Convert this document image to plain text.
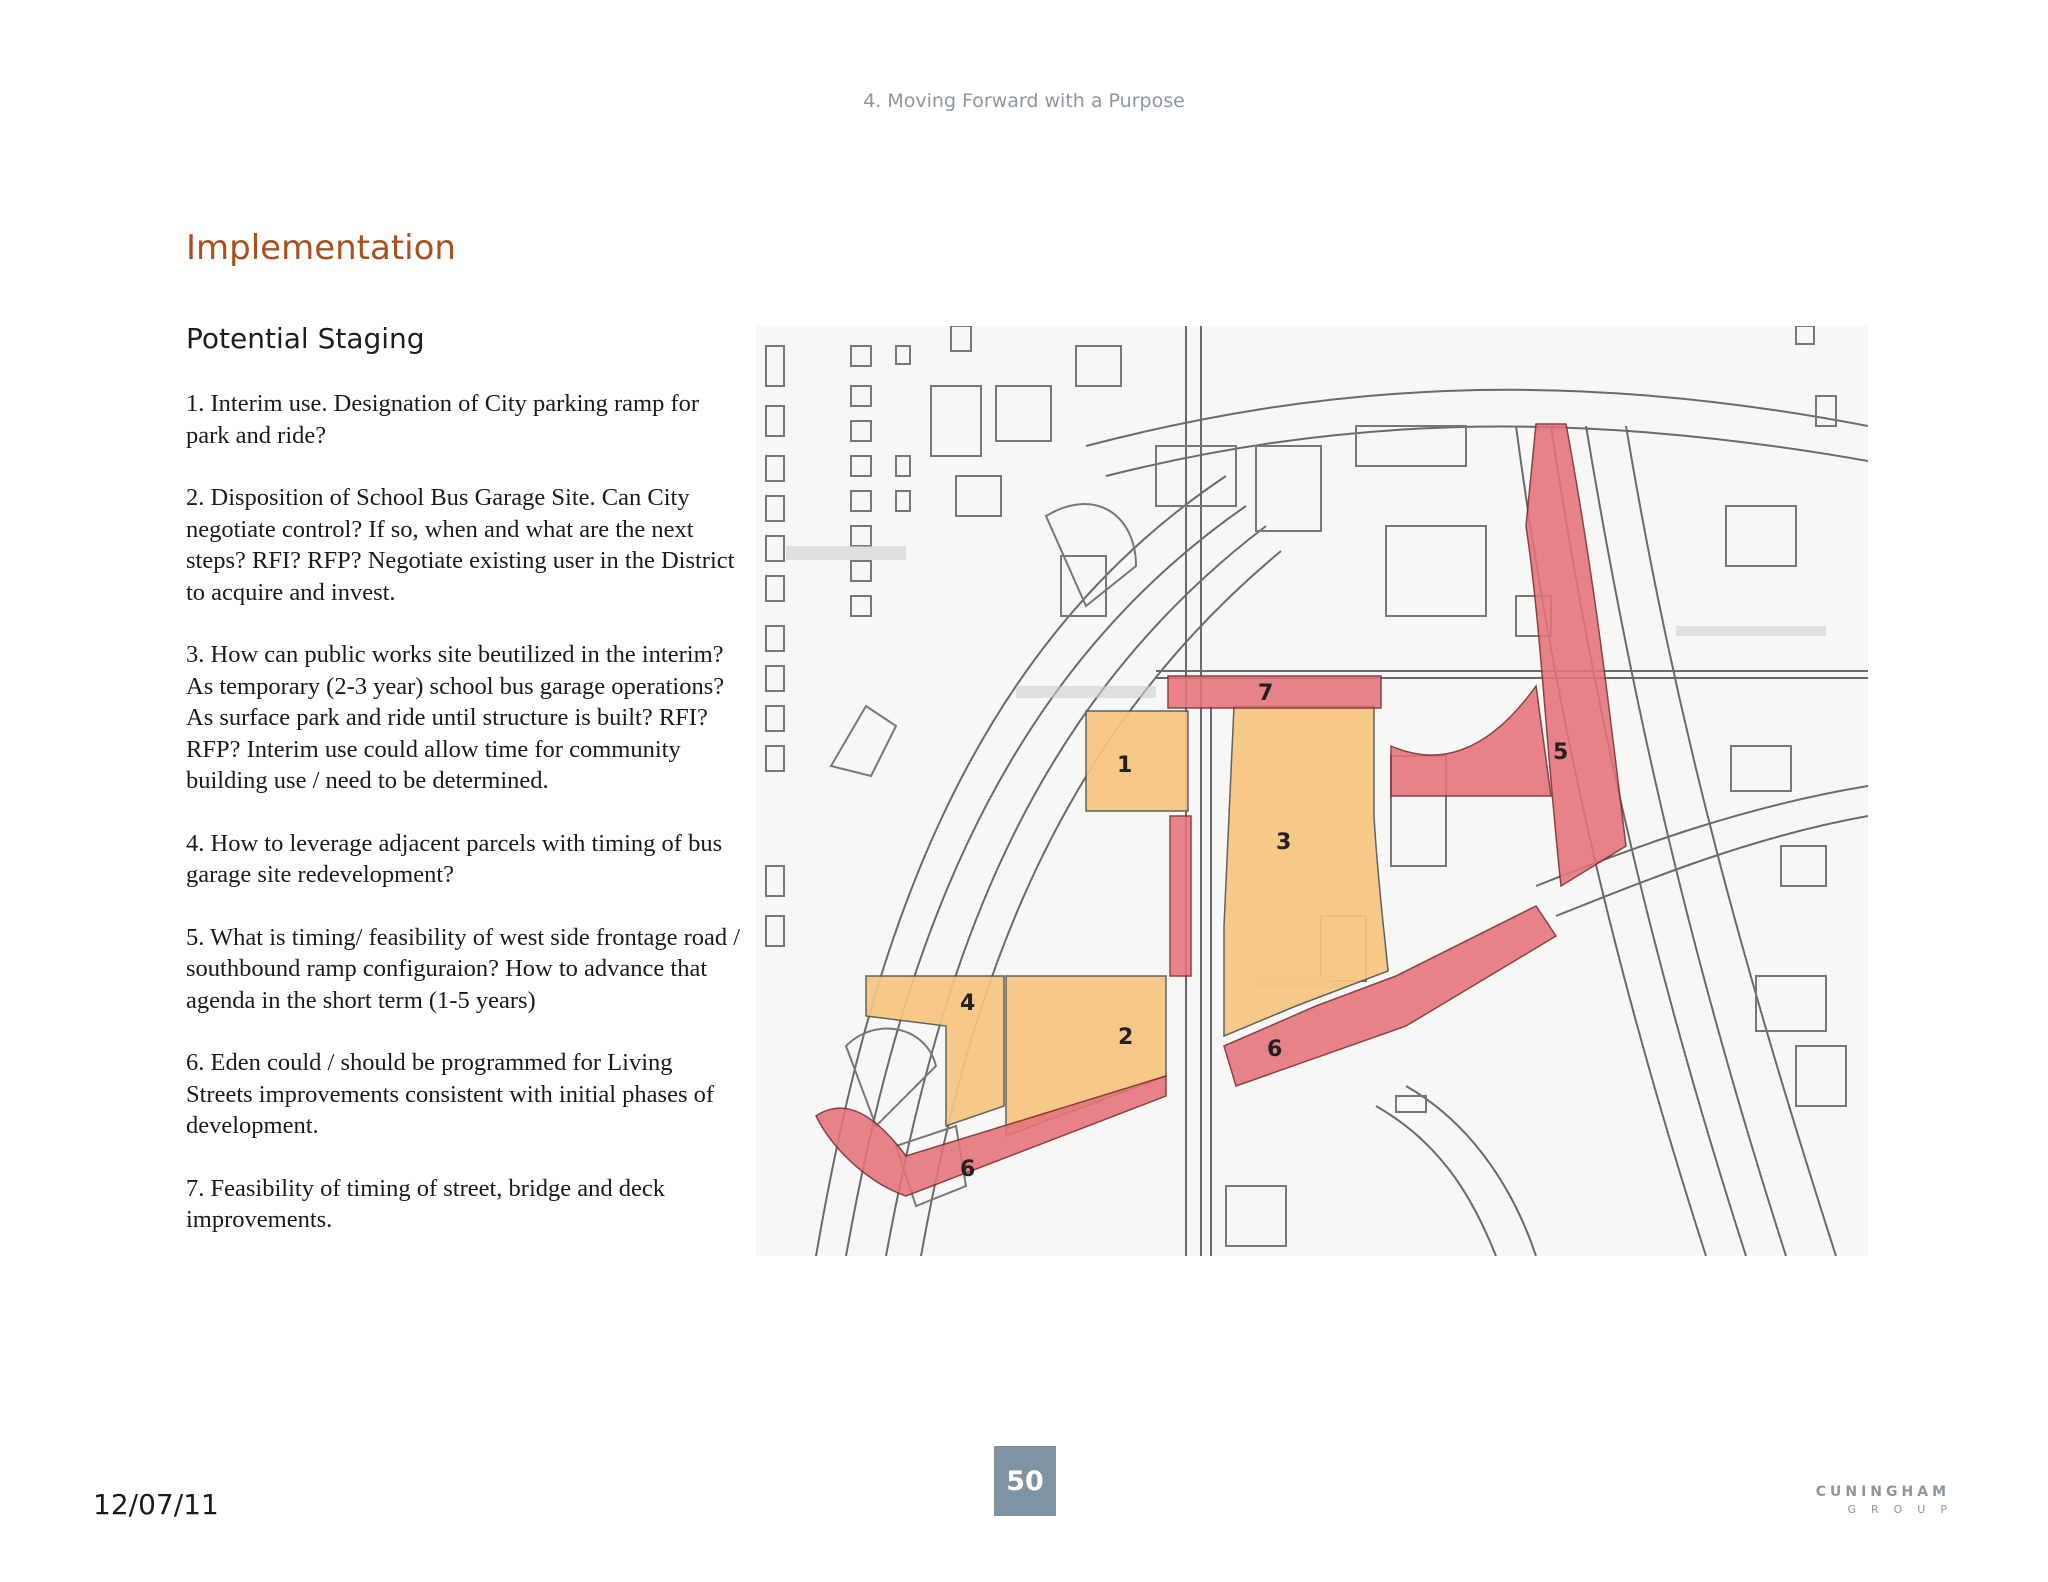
4. Moving Forward with a Purpose
Implementation
Potential Staging
1. Interim use. Designation of City parking ramp for park and ride?
2. Disposition of School Bus Garage Site. Can City negotiate control? If so, when and what are the next steps? RFI? RFP? Negotiate existing user in the District to acquire and invest.
3. How can public works site beutilized in the interim? As temporary (2-3 year) school bus garage operations? As surface park and ride until structure is built? RFI? RFP? Interim use could allow time for community building use / need to be determined.
4. How to leverage adjacent parcels with timing of bus garage site redevelopment?
5. What is timing/ feasibility of west side frontage road / southbound ramp configuraion? How to advance that agenda in the short term (1-5 years)
6. Eden could / should be programmed for Living Streets improvements consistent with initial phases of development.
7. Feasibility of timing of street, bridge and deck improvements.
1
2
3
4
5
6
6
7
50
12/07/11	CUNINGHAM
GROUP
